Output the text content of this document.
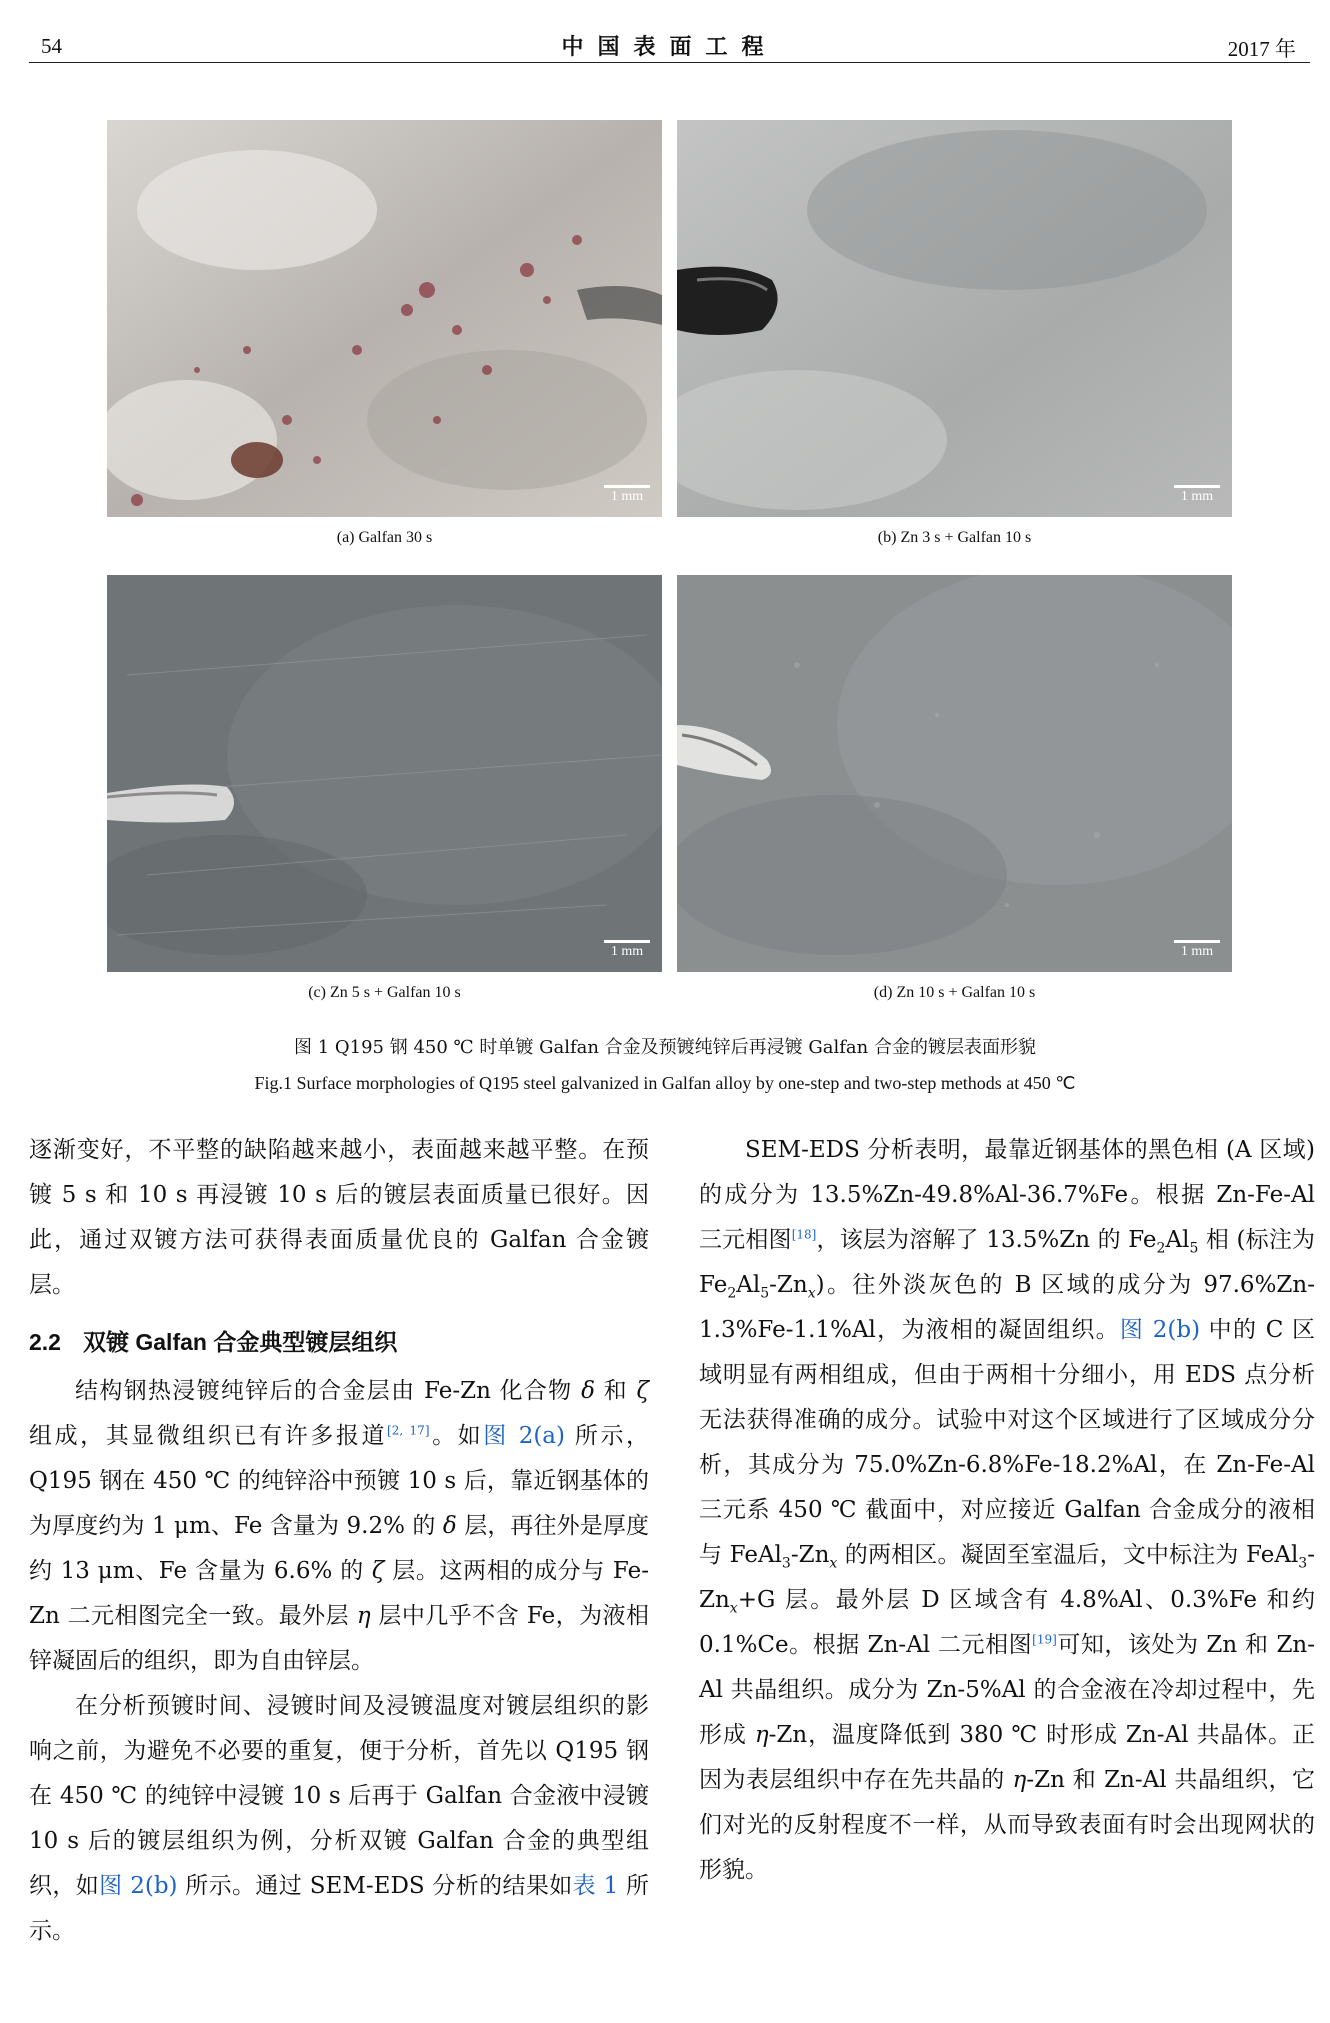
54	中国表面工程	2017 年
1 mm
(a) Galfan 30 s
1 mm
(b) Zn 3 s + Galfan 10 s
1 mm
(c) Zn 5 s + Galfan 10 s
1 mm
(d) Zn 10 s + Galfan 10 s
图 1 Q195 钢 450 ℃ 时单镀 Galfan 合金及预镀纯锌后再浸镀 Galfan 合金的镀层表面形貌
Fig.1 Surface morphologies of Q195 steel galvanized in Galfan alloy by one-step and two-step methods at 450 ℃

逐渐变好，不平整的缺陷越来越小，表面越来越平整。在预镀 5 s 和 10 s 再浸镀 10 s 后的镀层表面质量已很好。因此，通过双镀方法可获得表面质量优良的 Galfan 合金镀层。

2.2 双镀 Galfan 合金典型镀层组织

结构钢热浸镀纯锌后的合金层由 Fe-Zn 化合物 δ 和 ζ 组成，其显微组织已有许多报道[2, 17]。如图 2(a) 所示，Q195 钢在 450 ℃ 的纯锌浴中预镀 10 s 后，靠近钢基体的为厚度约为 1 μm、Fe 含量为 9.2% 的 δ 层，再往外是厚度约 13 μm、Fe 含量为 6.6% 的 ζ 层。这两相的成分与 Fe-Zn 二元相图完全一致。最外层 η 层中几乎不含 Fe，为液相锌凝固后的组织，即为自由锌层。

在分析预镀时间、浸镀时间及浸镀温度对镀层组织的影响之前，为避免不必要的重复，便于分析，首先以 Q195 钢在 450 ℃ 的纯锌中浸镀 10 s 后再于 Galfan 合金液中浸镀 10 s 后的镀层组织为例，分析双镀 Galfan 合金的典型组织，如图 2(b) 所示。通过 SEM-EDS 分析的结果如表 1 所示。

SEM-EDS 分析表明，最靠近钢基体的黑色相 (A 区域) 的成分为 13.5%Zn-49.8%Al-36.7%Fe。根据 Zn-Fe-Al 三元相图[18]，该层为溶解了 13.5%Zn 的 $Fe_2Al_5$ 相 (标注为 $Fe_2Al_5-Zn_x$)。往外淡灰色的 B 区域的成分为 97.6%Zn-1.3%Fe-1.1%Al，为液相的凝固组织。图 2(b) 中的 C 区域明显有两相组成，但由于两相十分细小，用 EDS 点分析无法获得准确的成分。试验中对这个区域进行了区域成分分析，其成分为 75.0%Zn-6.8%Fe-18.2%Al，在 Zn-Fe-Al 三元系 450 ℃ 截面中，对应接近 Galfan 合金成分的液相与 $FeAl_3-Zn_x$ 的两相区。凝固至室温后，文中标注为 $FeAl_3-Zn_x+G$ 层。最外层 D 区域含有 4.8%Al、0.3%Fe 和约 0.1%Ce。根据 Zn-Al 二元相图[19]可知，该处为 Zn 和 Zn-Al 共晶组织。成分为 Zn-5%Al 的合金液在冷却过程中，先形成 η-Zn，温度降低到 380 ℃ 时形成 Zn-Al 共晶体。正因为表层组织中存在先共晶的 η-Zn 和 Zn-Al 共晶组织，它们对光的反射程度不一样，从而导致表面有时会出现网状的形貌。
